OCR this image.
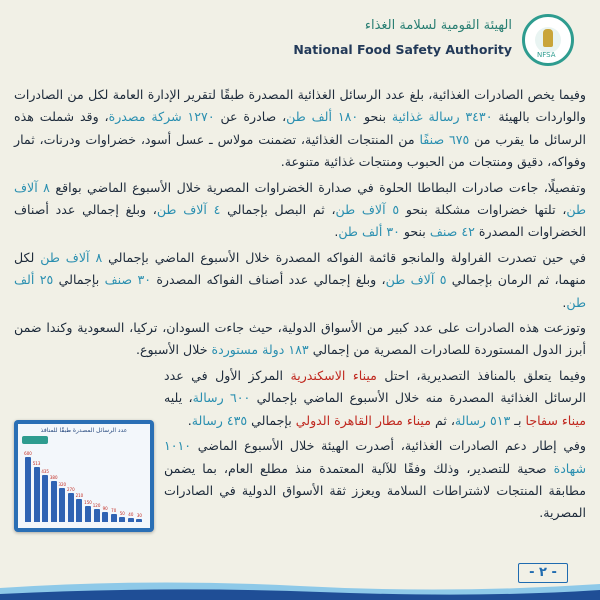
NFSA
الهيئة القومية لسلامة الغذاء
National Food Safety Authority

وفيما يخص الصادرات الغذائية، بلغ عدد الرسائل الغذائية المصدرة طبقًا لتقرير الإدارة العامة لكل من الصادرات والواردات بالهيئة ٣٤٣٠ رسالة غذائية بنحو ١٨٠ ألف طن، صادرة عن ١٢٧٠ شركة مصدرة، وقد شملت هذه الرسائل ما يقرب من ٦٧٥ صنفًا من المنتجات الغذائية، تضمنت مولاس ـ عسل أسود، خضراوات ودرنات، ثمار وفواكه، دقيق ومنتجات من الحبوب ومنتجات غذائية متنوعة.

وتفصيلًا، جاءت صادرات البطاطا الحلوة في صدارة الخضراوات المصرية خلال الأسبوع الماضي بواقع ٨ آلاف طن، تلتها خضراوات مشكلة بنحو ٥ آلاف طن، ثم البصل بإجمالي ٤ آلاف طن، وبلغ إجمالي عدد أصناف الخضراوات المصدرة ٤٢ صنف بنحو ٣٠ ألف طن.

في حين تصدرت الفراولة والمانجو قائمة الفواكه المصدرة خلال الأسبوع الماضي بإجمالي ٨ آلاف طن لكل منهما، ثم الرمان بإجمالي ٥ آلاف طن، وبلغ إجمالي عدد أصناف الفواكه المصدرة ٣٠ صنف بإجمالي ٢٥ ألف طن.

وتوزعت هذه الصادرات على عدد كبير من الأسواق الدولية، حيث جاءت السودان، تركيا، السعودية وكندا ضمن أبرز الدول المستوردة للصادرات المصرية من إجمالي ١٨٣ دولة مستوردة خلال الأسبوع.

وفيما يتعلق بالمنافذ التصديرية، احتل ميناء الاسكندرية المركز الأول في عدد الرسائل الغذائية المصدرة منه خلال الأسبوع الماضي بإجمالي ٦٠٠ رسالة، يليه ميناء سفاجا بـ ٥١٣ رسالة، ثم ميناء مطار القاهرة الدولي بإجمالي ٤٣٥ رسالة.

وفي إطار دعم الصادرات الغذائية، أصدرت الهيئة خلال الأسبوع الماضي ١٠١٠ شهادة صحية للتصدير، وذلك وفقًا للآلية المعتمدة منذ مطلع العام، بما يضمن مطابقة المنتجات لاشتراطات السلامة ويعزز ثقة الأسواق الدولية في الصادرات المصرية.

عدد الرسائل المصدرة طبقًا للمنافذ
600
513
435
380
320
270
210
150
120
90 70 50 40 30
- ٢ -
